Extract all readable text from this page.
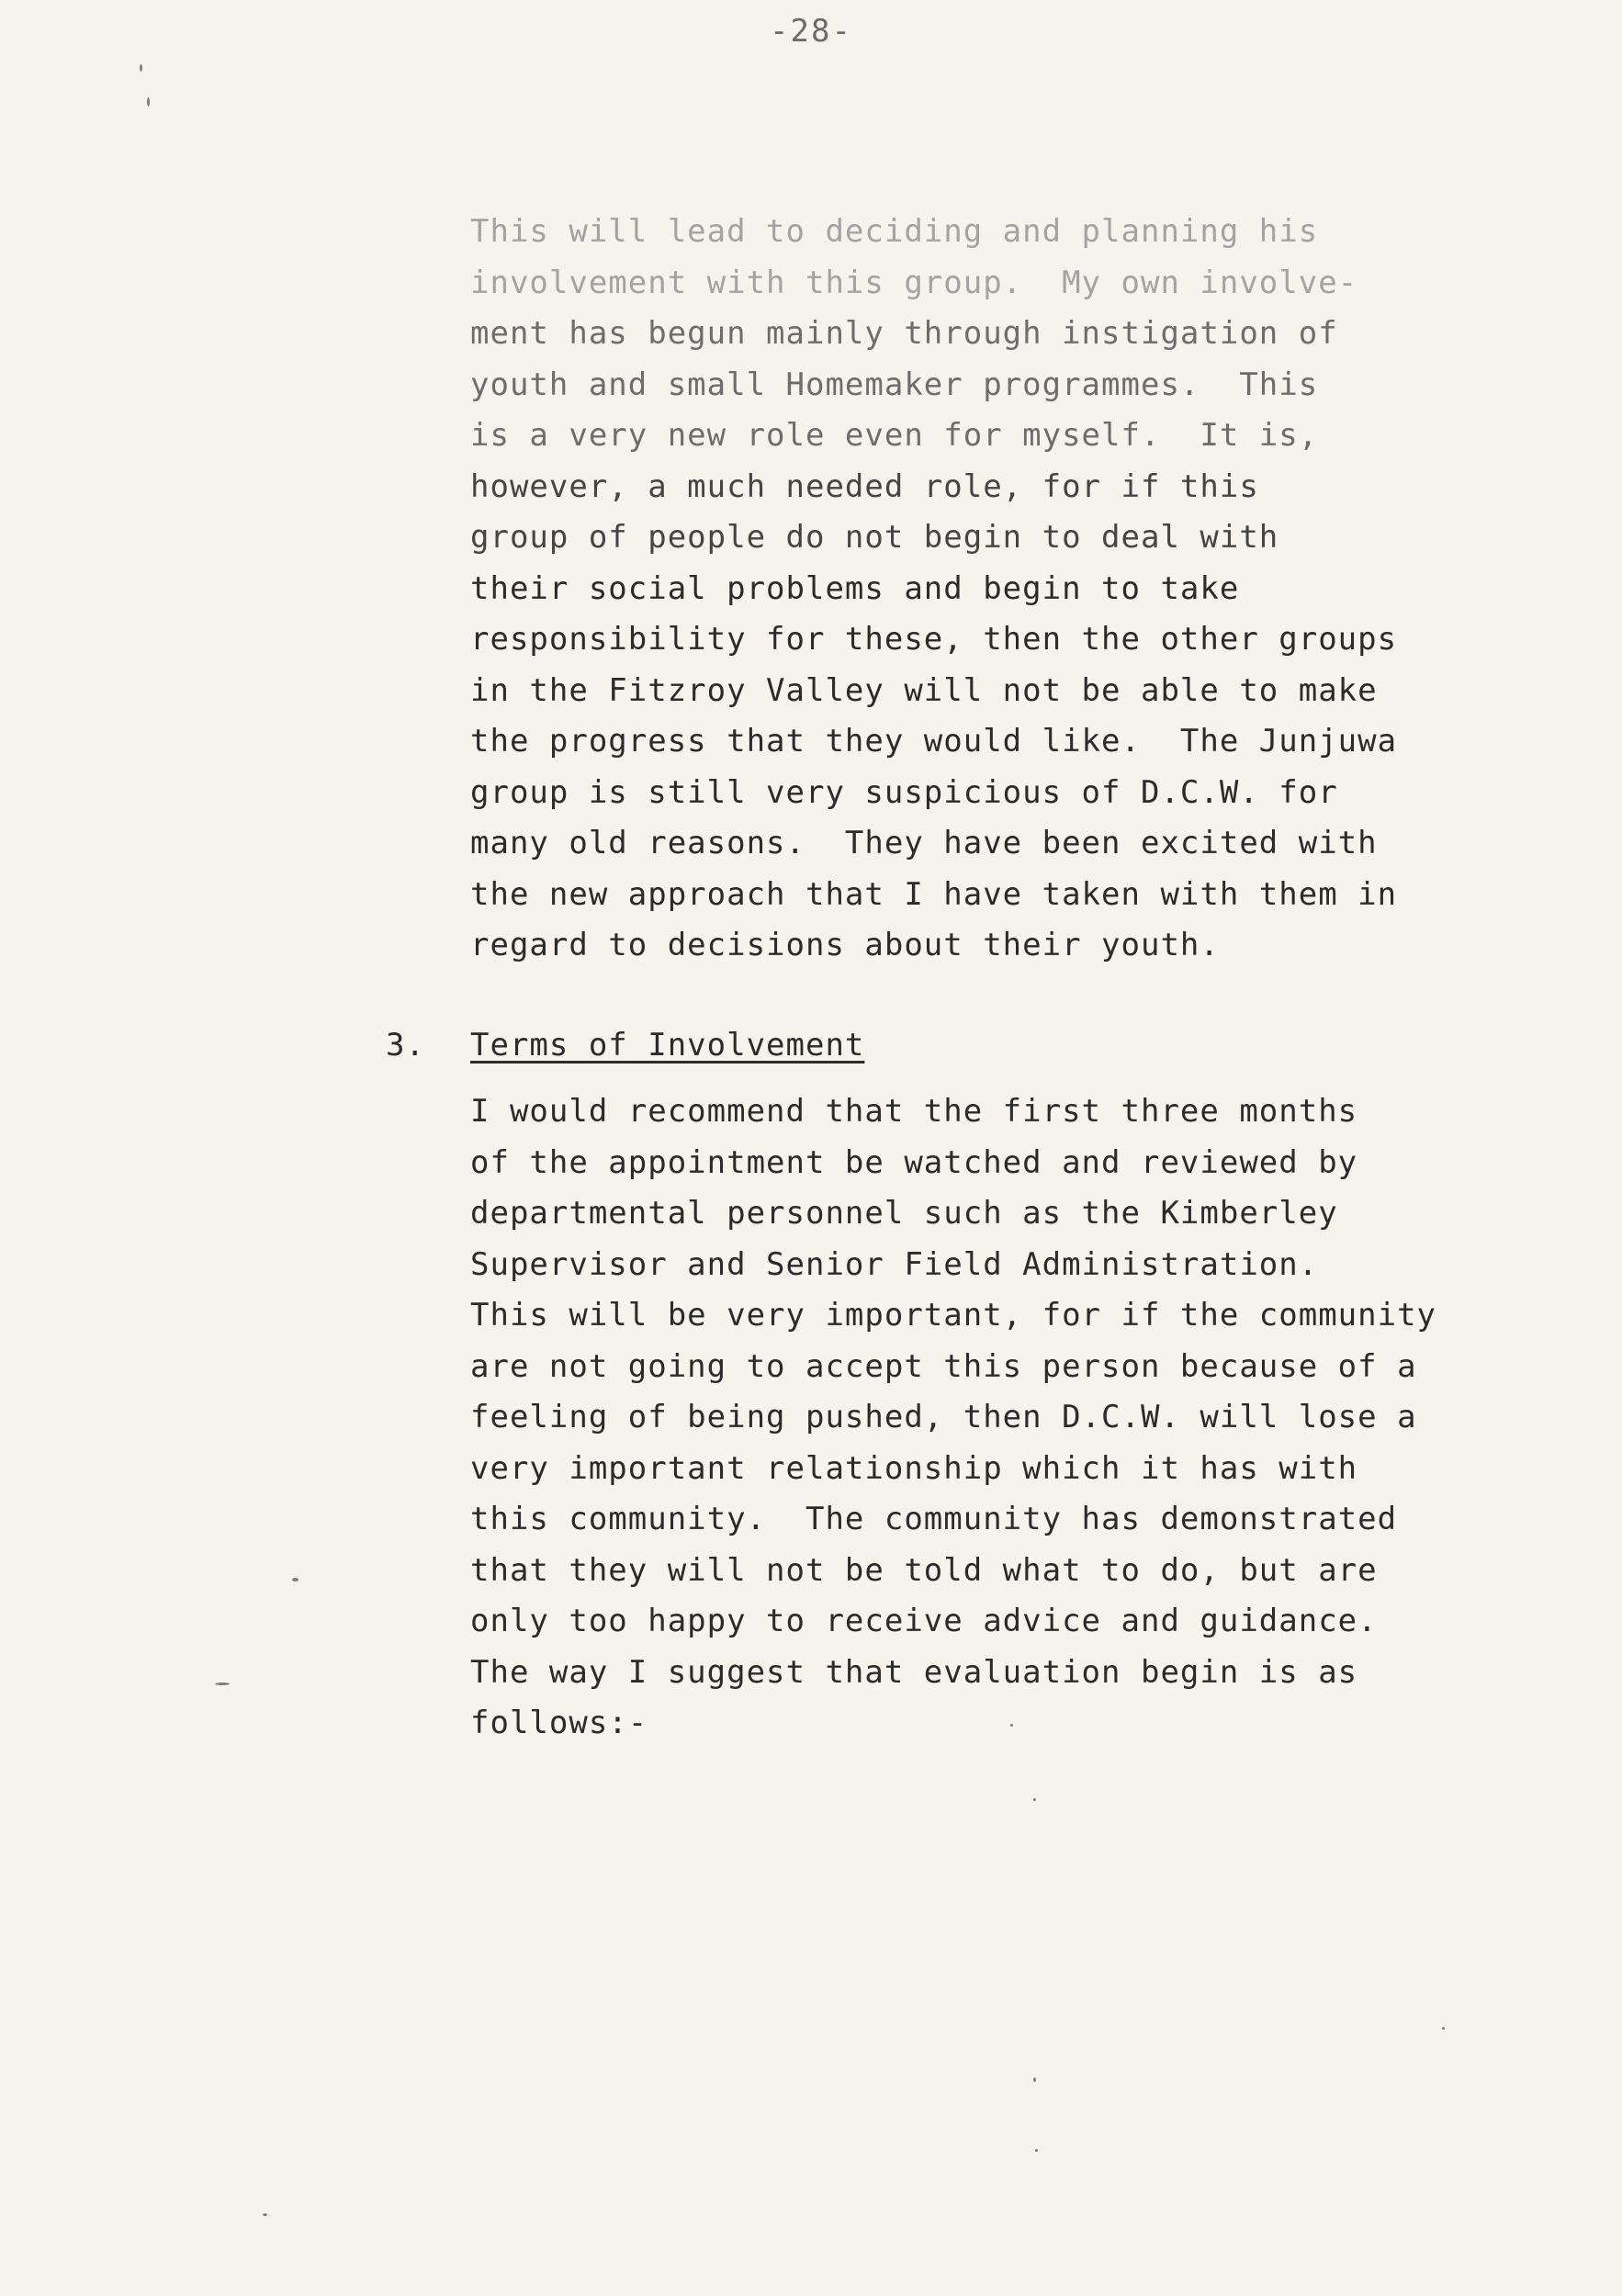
-28-
This will lead to deciding and planning his
involvement with this group.  My own involve-
ment has begun mainly through instigation of
youth and small Homemaker programmes.  This
is a very new role even for myself.  It is,
however, a much needed role, for if this
group of people do not begin to deal with
their social problems and begin to take
responsibility for these, then the other groups
in the Fitzroy Valley will not be able to make
the progress that they would like.  The Junjuwa
group is still very suspicious of D.C.W. for
many old reasons.  They have been excited with
the new approach that I have taken with them in
regard to decisions about their youth.
3. Terms of Involvement
I would recommend that the first three months
of the appointment be watched and reviewed by
departmental personnel such as the Kimberley
Supervisor and Senior Field Administration.
This will be very important, for if the community
are not going to accept this person because of a
feeling of being pushed, then D.C.W. will lose a
very important relationship which it has with
this community.  The community has demonstrated
that they will not be told what to do, but are
only too happy to receive advice and guidance.
The way I suggest that evaluation begin is as
follows:-
